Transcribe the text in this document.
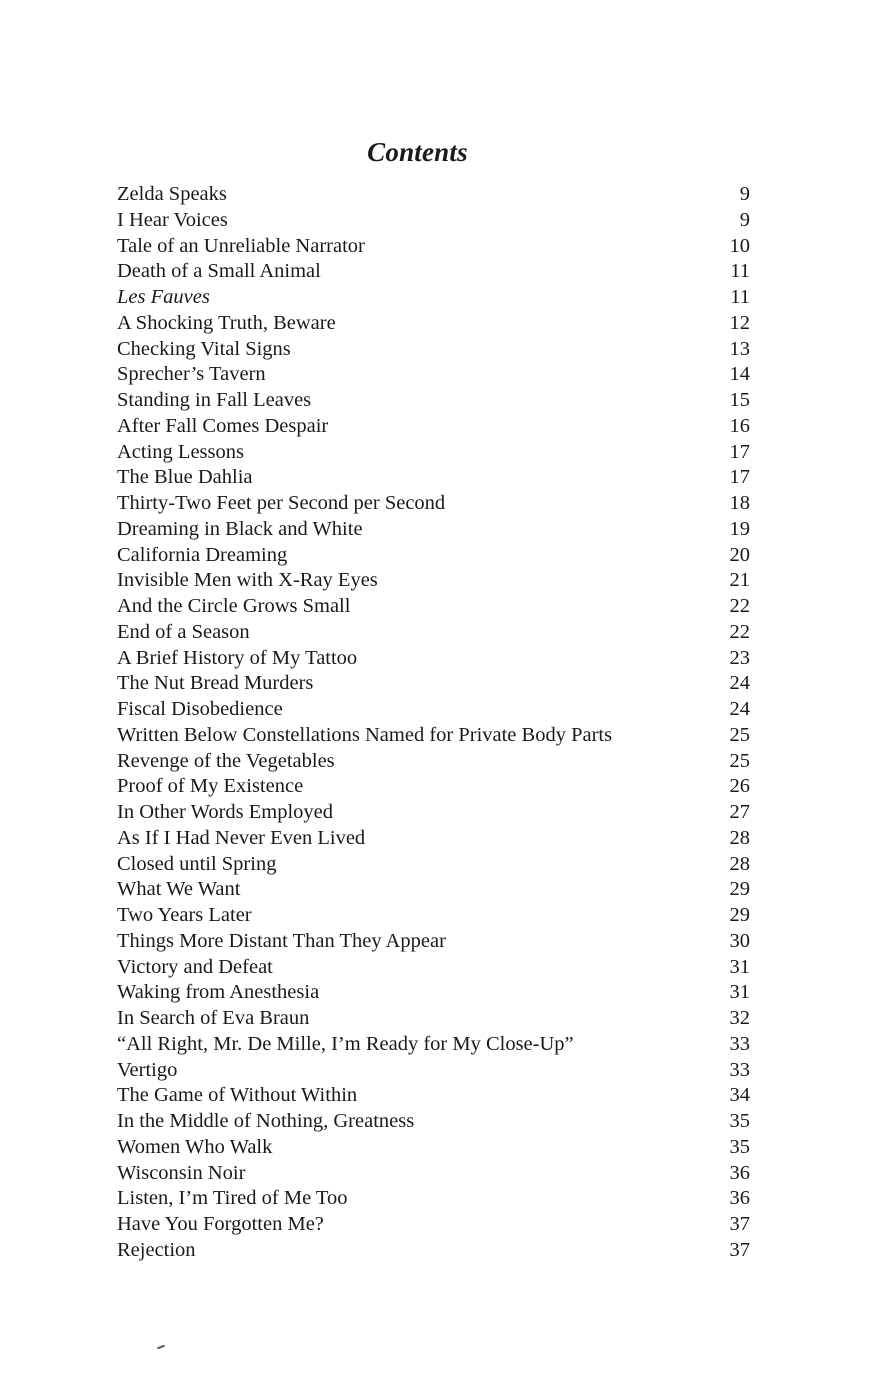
Contents
Zelda Speaks	9
I Hear Voices	9
Tale of an Unreliable Narrator	10
Death of a Small Animal	11
Les Fauves	11
A Shocking Truth, Beware	12
Checking Vital Signs	13
Sprecher’s Tavern	14
Standing in Fall Leaves	15
After Fall Comes Despair	16
Acting Lessons	17
The Blue Dahlia	17
Thirty-Two Feet per Second per Second	18
Dreaming in Black and White	19
California Dreaming	20
Invisible Men with X-Ray Eyes	21
And the Circle Grows Small	22
End of a Season	22
A Brief History of My Tattoo	23
The Nut Bread Murders	24
Fiscal Disobedience	24
Written Below Constellations Named for Private Body Parts	25
Revenge of the Vegetables	25
Proof of My Existence	26
In Other Words Employed	27
As If I Had Never Even Lived	28
Closed until Spring	28
What We Want	29
Two Years Later	29
Things More Distant Than They Appear	30
Victory and Defeat	31
Waking from Anesthesia	31
In Search of Eva Braun	32
“All Right, Mr. De Mille, I’m Ready for My Close-Up”	33
Vertigo	33
The Game of Without Within	34
In the Middle of Nothing, Greatness	35
Women Who Walk	35
Wisconsin Noir	36
Listen, I’m Tired of Me Too	36
Have You Forgotten Me?	37
Rejection	37
